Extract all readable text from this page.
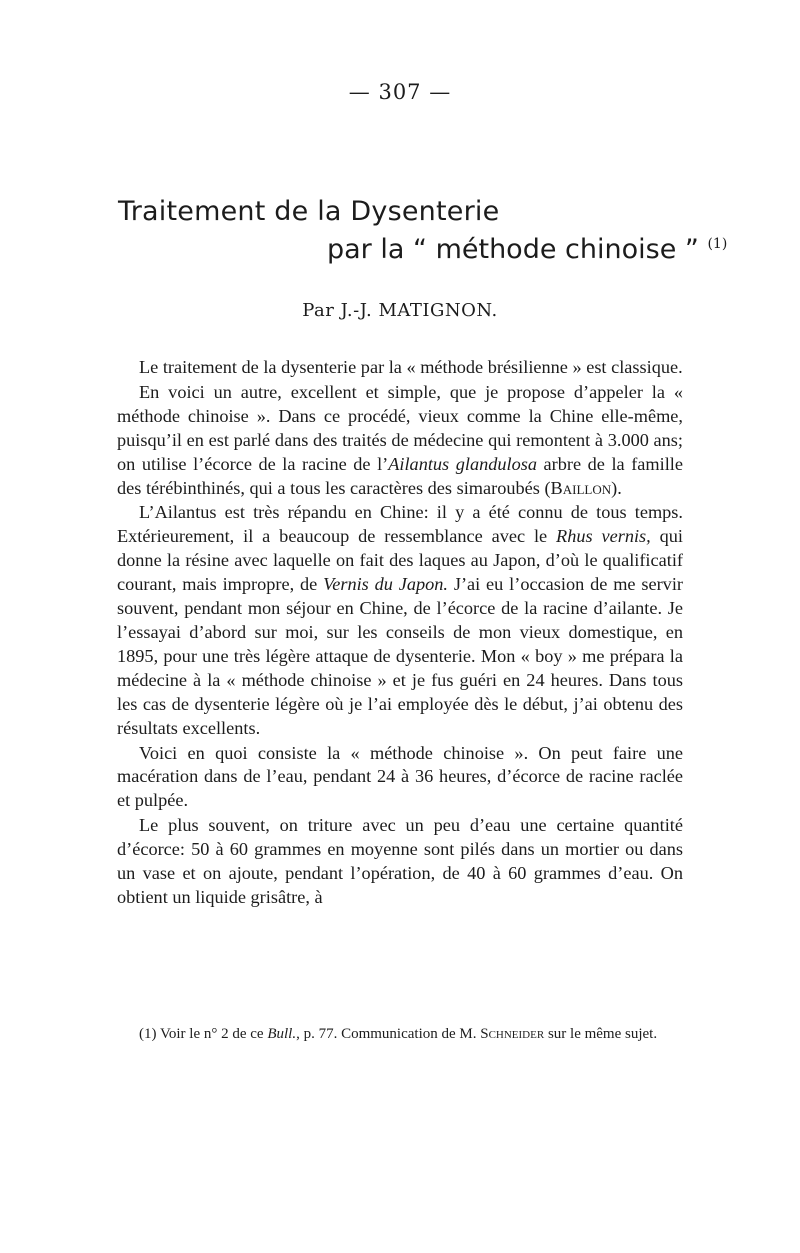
— 307 —
Traitement de la Dysenterie
par la “ méthode chinoise ” $^{(1)}$
Par J.-J. MATIGNON.

Le traitement de la dysenterie par la « méthode brésilienne » est classique.

En voici un autre, excellent et simple, que je propose d’appeler la « méthode chinoise ». Dans ce procédé, vieux comme la Chine elle-même, puisqu’il en est parlé dans des traités de médecine qui remontent à 3.000 ans; on utilise l’écorce de la racine de l’Ailantus glandulosa arbre de la famille des térébinthinés, qui a tous les caractères des simaroubés (Baillon).

L’Ailantus est très répandu en Chine: il y a été connu de tous temps. Extérieurement, il a beaucoup de ressemblance avec le Rhus vernis, qui donne la résine avec laquelle on fait des laques au Japon, d’où le qualificatif courant, mais impropre, de Vernis du Japon. J’ai eu l’occasion de me servir souvent, pendant mon séjour en Chine, de l’écorce de la racine d’ailante. Je l’essayai d’abord sur moi, sur les conseils de mon vieux domestique, en 1895, pour une très légère attaque de dysenterie. Mon « boy » me prépara la médecine à la « méthode chinoise » et je fus guéri en 24 heures. Dans tous les cas de dysenterie légère où je l’ai employée dès le début, j’ai obtenu des résultats excellents.

Voici en quoi consiste la « méthode chinoise ». On peut faire une macération dans de l’eau, pendant 24 à 36 heures, d’écorce de racine raclée et pulpée.

Le plus souvent, on triture avec un peu d’eau une certaine quantité d’écorce: 50 à 60 grammes en moyenne sont pilés dans un mortier ou dans un vase et on ajoute, pendant l’opération, de 40 à 60 grammes d’eau. On obtient un liquide grisâtre, à

(1) Voir le n° 2 de ce Bull., p. 77. Communication de M. Schneider sur le même sujet.
